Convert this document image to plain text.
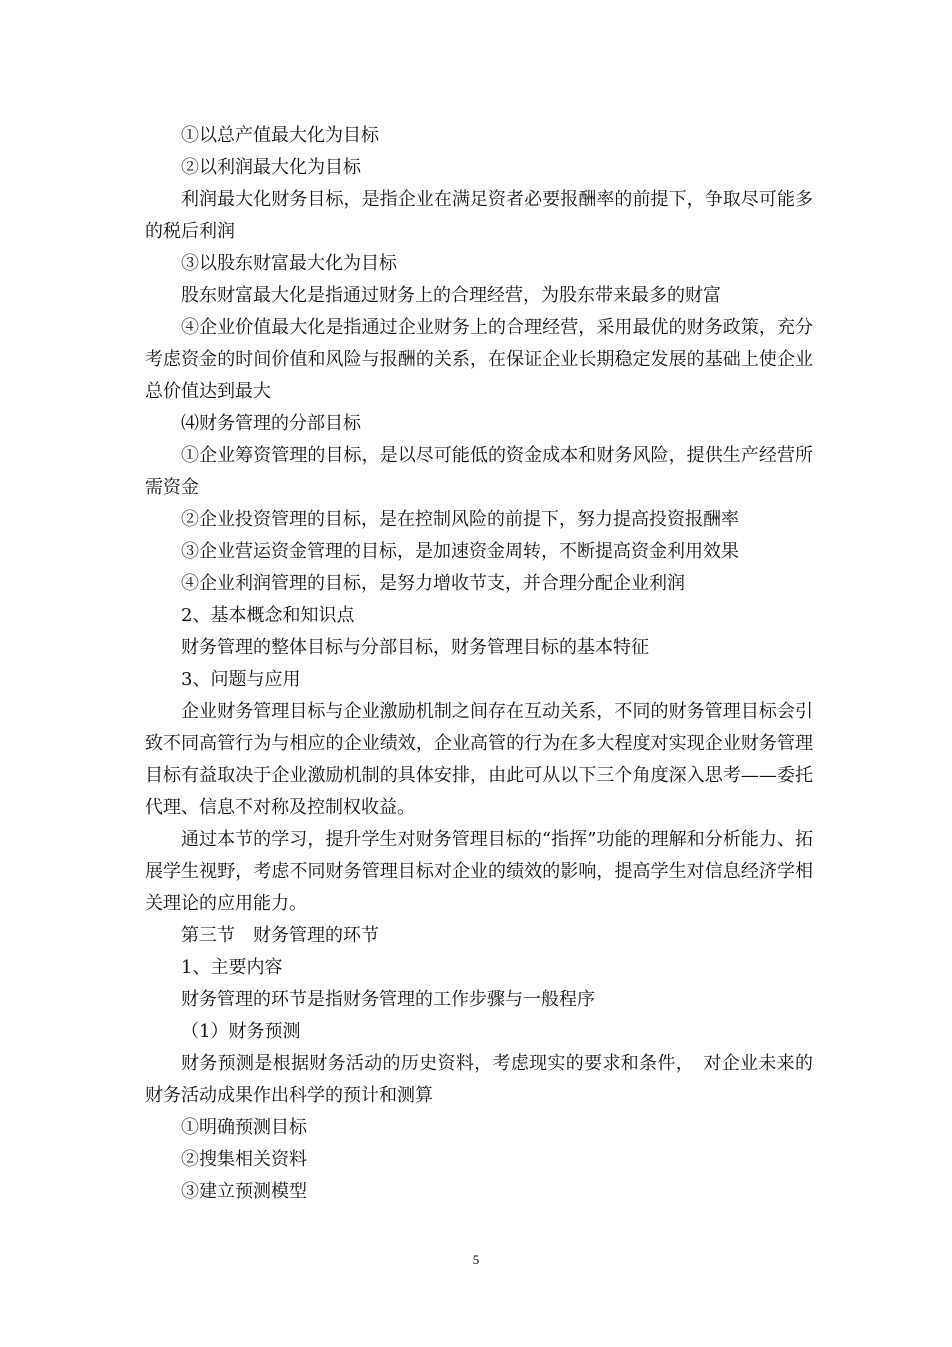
①以总产值最大化为目标

②以利润最大化为目标

利润最大化财务目标，是指企业在满足资者必要报酬率的前提下，争取尽可能多的税后利润

③以股东财富最大化为目标

股东财富最大化是指通过财务上的合理经营，为股东带来最多的财富

④企业价值最大化是指通过企业财务上的合理经营，采用最优的财务政策，充分考虑资金的时间价值和风险与报酬的关系，在保证企业长期稳定发展的基础上使企业总价值达到最大

⑷财务管理的分部目标

①企业筹资管理的目标，是以尽可能低的资金成本和财务风险，提供生产经营所需资金

②企业投资管理的目标，是在控制风险的前提下，努力提高投资报酬率

③企业营运资金管理的目标，是加速资金周转，不断提高资金利用效果

④企业利润管理的目标，是努力增收节支，并合理分配企业利润

2、基本概念和知识点

财务管理的整体目标与分部目标，财务管理目标的基本特征

3、问题与应用

企业财务管理目标与企业激励机制之间存在互动关系，不同的财务管理目标会引致不同高管行为与相应的企业绩效，企业高管的行为在多大程度对实现企业财务管理目标有益取决于企业激励机制的具体安排，由此可从以下三个角度深入思考——委托代理、信息不对称及控制权收益。

通过本节的学习，提升学生对财务管理目标的“指挥”功能的理解和分析能力、拓展学生视野，考虑不同财务管理目标对企业的绩效的影响，提高学生对信息经济学相关理论的应用能力。

第三节　财务管理的环节

1、主要内容

财务管理的环节是指财务管理的工作步骤与一般程序

（1）财务预测

财务预测是根据财务活动的历史资料，考虑现实的要求和条件，　对企业未来的财务活动成果作出科学的预计和测算

①明确预测目标

②搜集相关资料

③建立预测模型

5
